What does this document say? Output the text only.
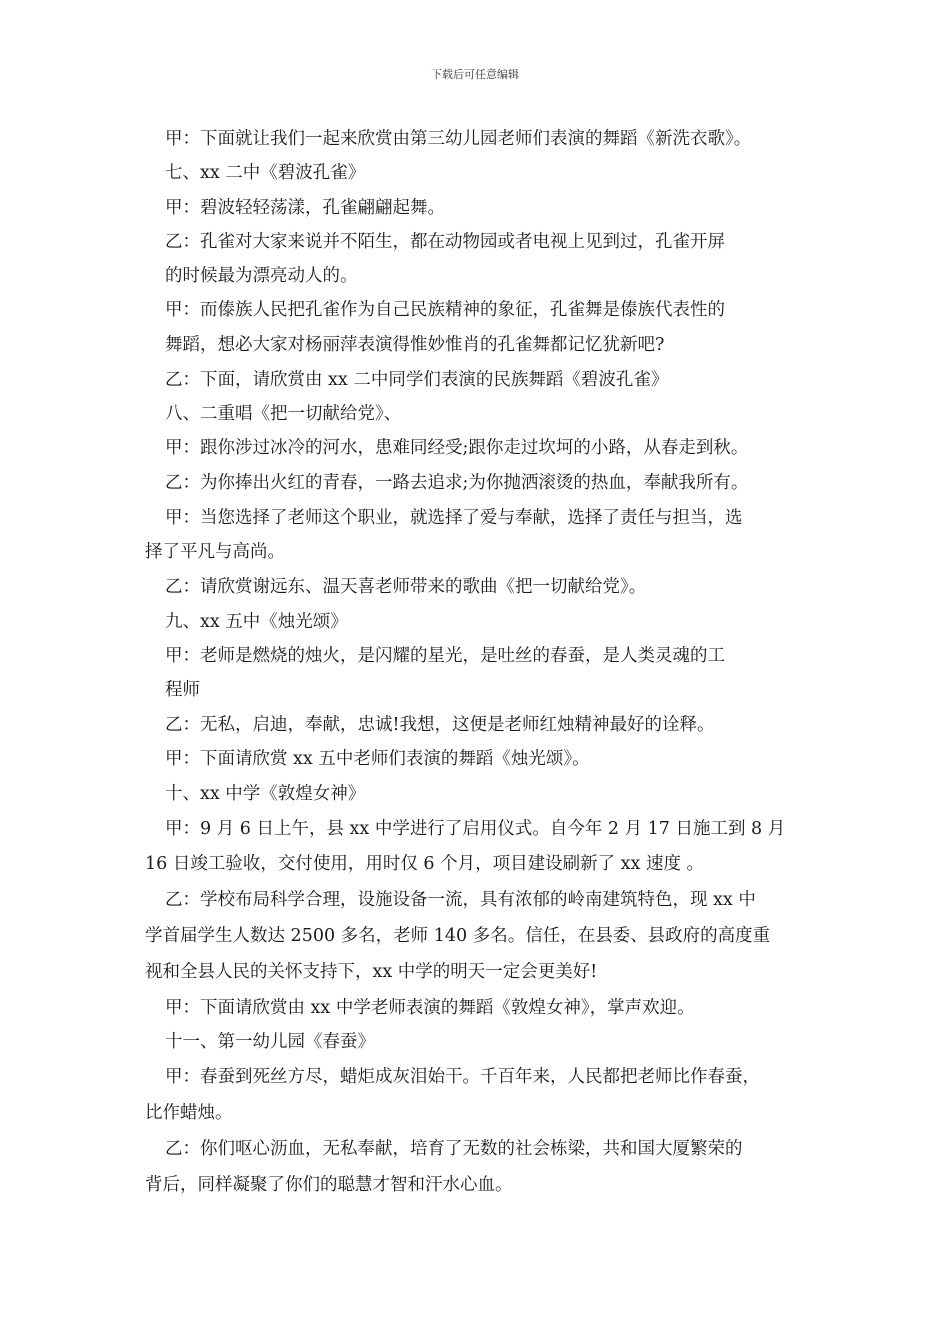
下载后可任意编辑
甲：下面就让我们一起来欣赏由第三幼儿园老师们表演的舞蹈《新洗衣歌》。
七、xx 二中《碧波孔雀》
甲：碧波轻轻荡漾，孔雀翩翩起舞。
乙：孔雀对大家来说并不陌生，都在动物园或者电视上见到过，孔雀开屏
的时候最为漂亮动人的。
甲：而傣族人民把孔雀作为自己民族精神的象征，孔雀舞是傣族代表性的
舞蹈，想必大家对杨丽萍表演得惟妙惟肖的孔雀舞都记忆犹新吧?
乙：下面，请欣赏由 xx 二中同学们表演的民族舞蹈《碧波孔雀》
八、二重唱《把一切献给党》、
甲：跟你涉过冰冷的河水，患难同经受;跟你走过坎坷的小路，从春走到秋。
乙：为你捧出火红的青春，一路去追求;为你抛洒滚烫的热血，奉献我所有。
甲：当您选择了老师这个职业，就选择了爱与奉献，选择了责任与担当，选
择了平凡与高尚。
乙：请欣赏谢远东、温天喜老师带来的歌曲《把一切献给党》。
九、xx 五中《烛光颂》
甲：老师是燃烧的烛火，是闪耀的星光，是吐丝的春蚕，是人类灵魂的工
程师
乙：无私，启迪，奉献，忠诚!我想，这便是老师红烛精神最好的诠释。
甲：下面请欣赏 xx 五中老师们表演的舞蹈《烛光颂》。
十、xx 中学《敦煌女神》
甲：9 月 6 日上午，县 xx 中学进行了启用仪式。自今年 2 月 17 日施工到 8 月
16 日竣工验收，交付使用，用时仅 6 个月，项目建设刷新了 xx 速度 。
乙：学校布局科学合理，设施设备一流，具有浓郁的岭南建筑特色，现 xx 中
学首届学生人数达 2500 多名，老师 140 多名。信任，在县委、县政府的高度重
视和全县人民的关怀支持下，xx 中学的明天一定会更美好!
甲：下面请欣赏由 xx 中学老师表演的舞蹈《敦煌女神》，掌声欢迎。
十一、第一幼儿园《春蚕》
甲：春蚕到死丝方尽，蜡炬成灰泪始干。千百年来，人民都把老师比作春蚕，
比作蜡烛。
乙：你们呕心沥血，无私奉献，培育了无数的社会栋梁，共和国大厦繁荣的
背后，同样凝聚了你们的聪慧才智和汗水心血。
